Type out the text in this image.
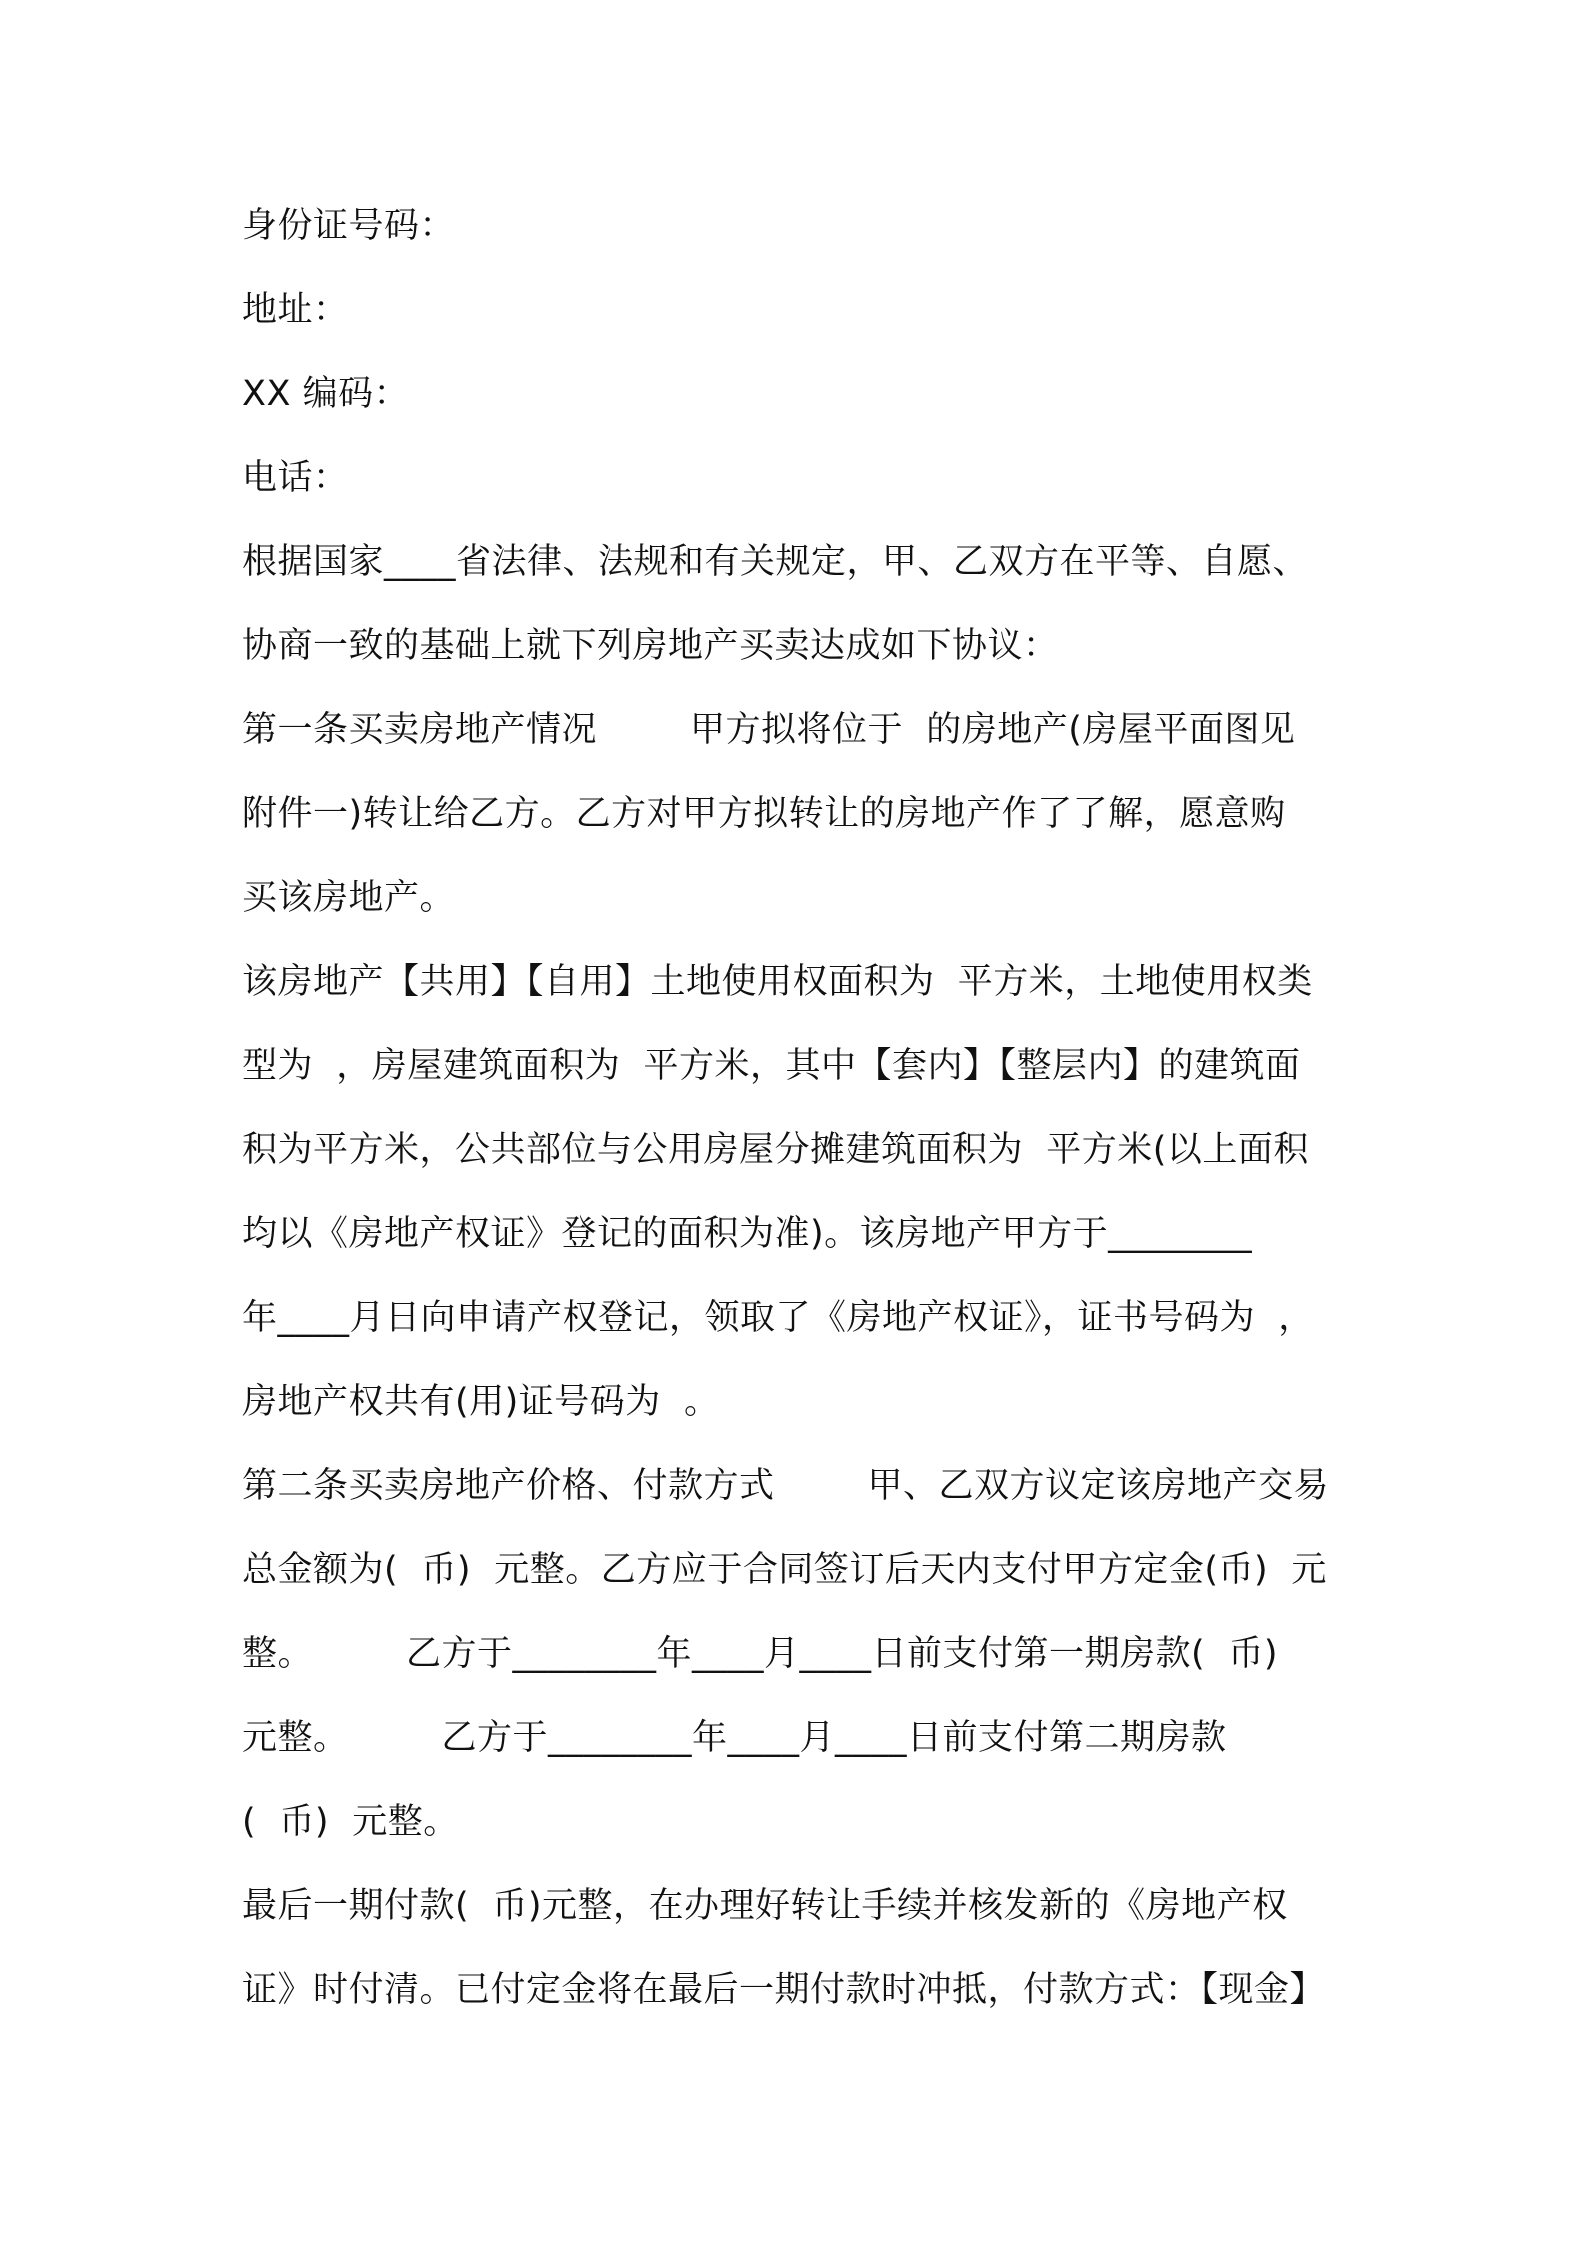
身份证号码：
地址：
XX 编码：
电话：
根据国家____省法律、法规和有关规定，甲、乙双方在平等、自愿、
协商一致的基础上就下列房地产买卖达成如下协议：
第一条买卖房地产情况        甲方拟将位于  的房地产(房屋平面图见
附件一)转让给乙方。乙方对甲方拟转让的房地产作了了解，愿意购
买该房地产。
该房地产【共用】【自用】土地使用权面积为  平方米，土地使用权类
型为  ，房屋建筑面积为  平方米，其中【套内】【整层内】的建筑面
积为平方米，公共部位与公用房屋分摊建筑面积为  平方米(以上面积
均以《房地产权证》登记的面积为准)。该房地产甲方于________
年____月日向申请产权登记，领取了《房地产权证》，证书号码为  ，
房地产权共有(用)证号码为  。
第二条买卖房地产价格、付款方式        甲、乙双方议定该房地产交易
总金额为(  币)  元整。乙方应于合同签订后天内支付甲方定金(币)  元
整。        乙方于________年____月____日前支付第一期房款(  币)
元整。        乙方于________年____月____日前支付第二期房款
(  币)  元整。
最后一期付款(  币)元整，在办理好转让手续并核发新的《房地产权
证》时付清。已付定金将在最后一期付款时冲抵，付款方式：【现金】
